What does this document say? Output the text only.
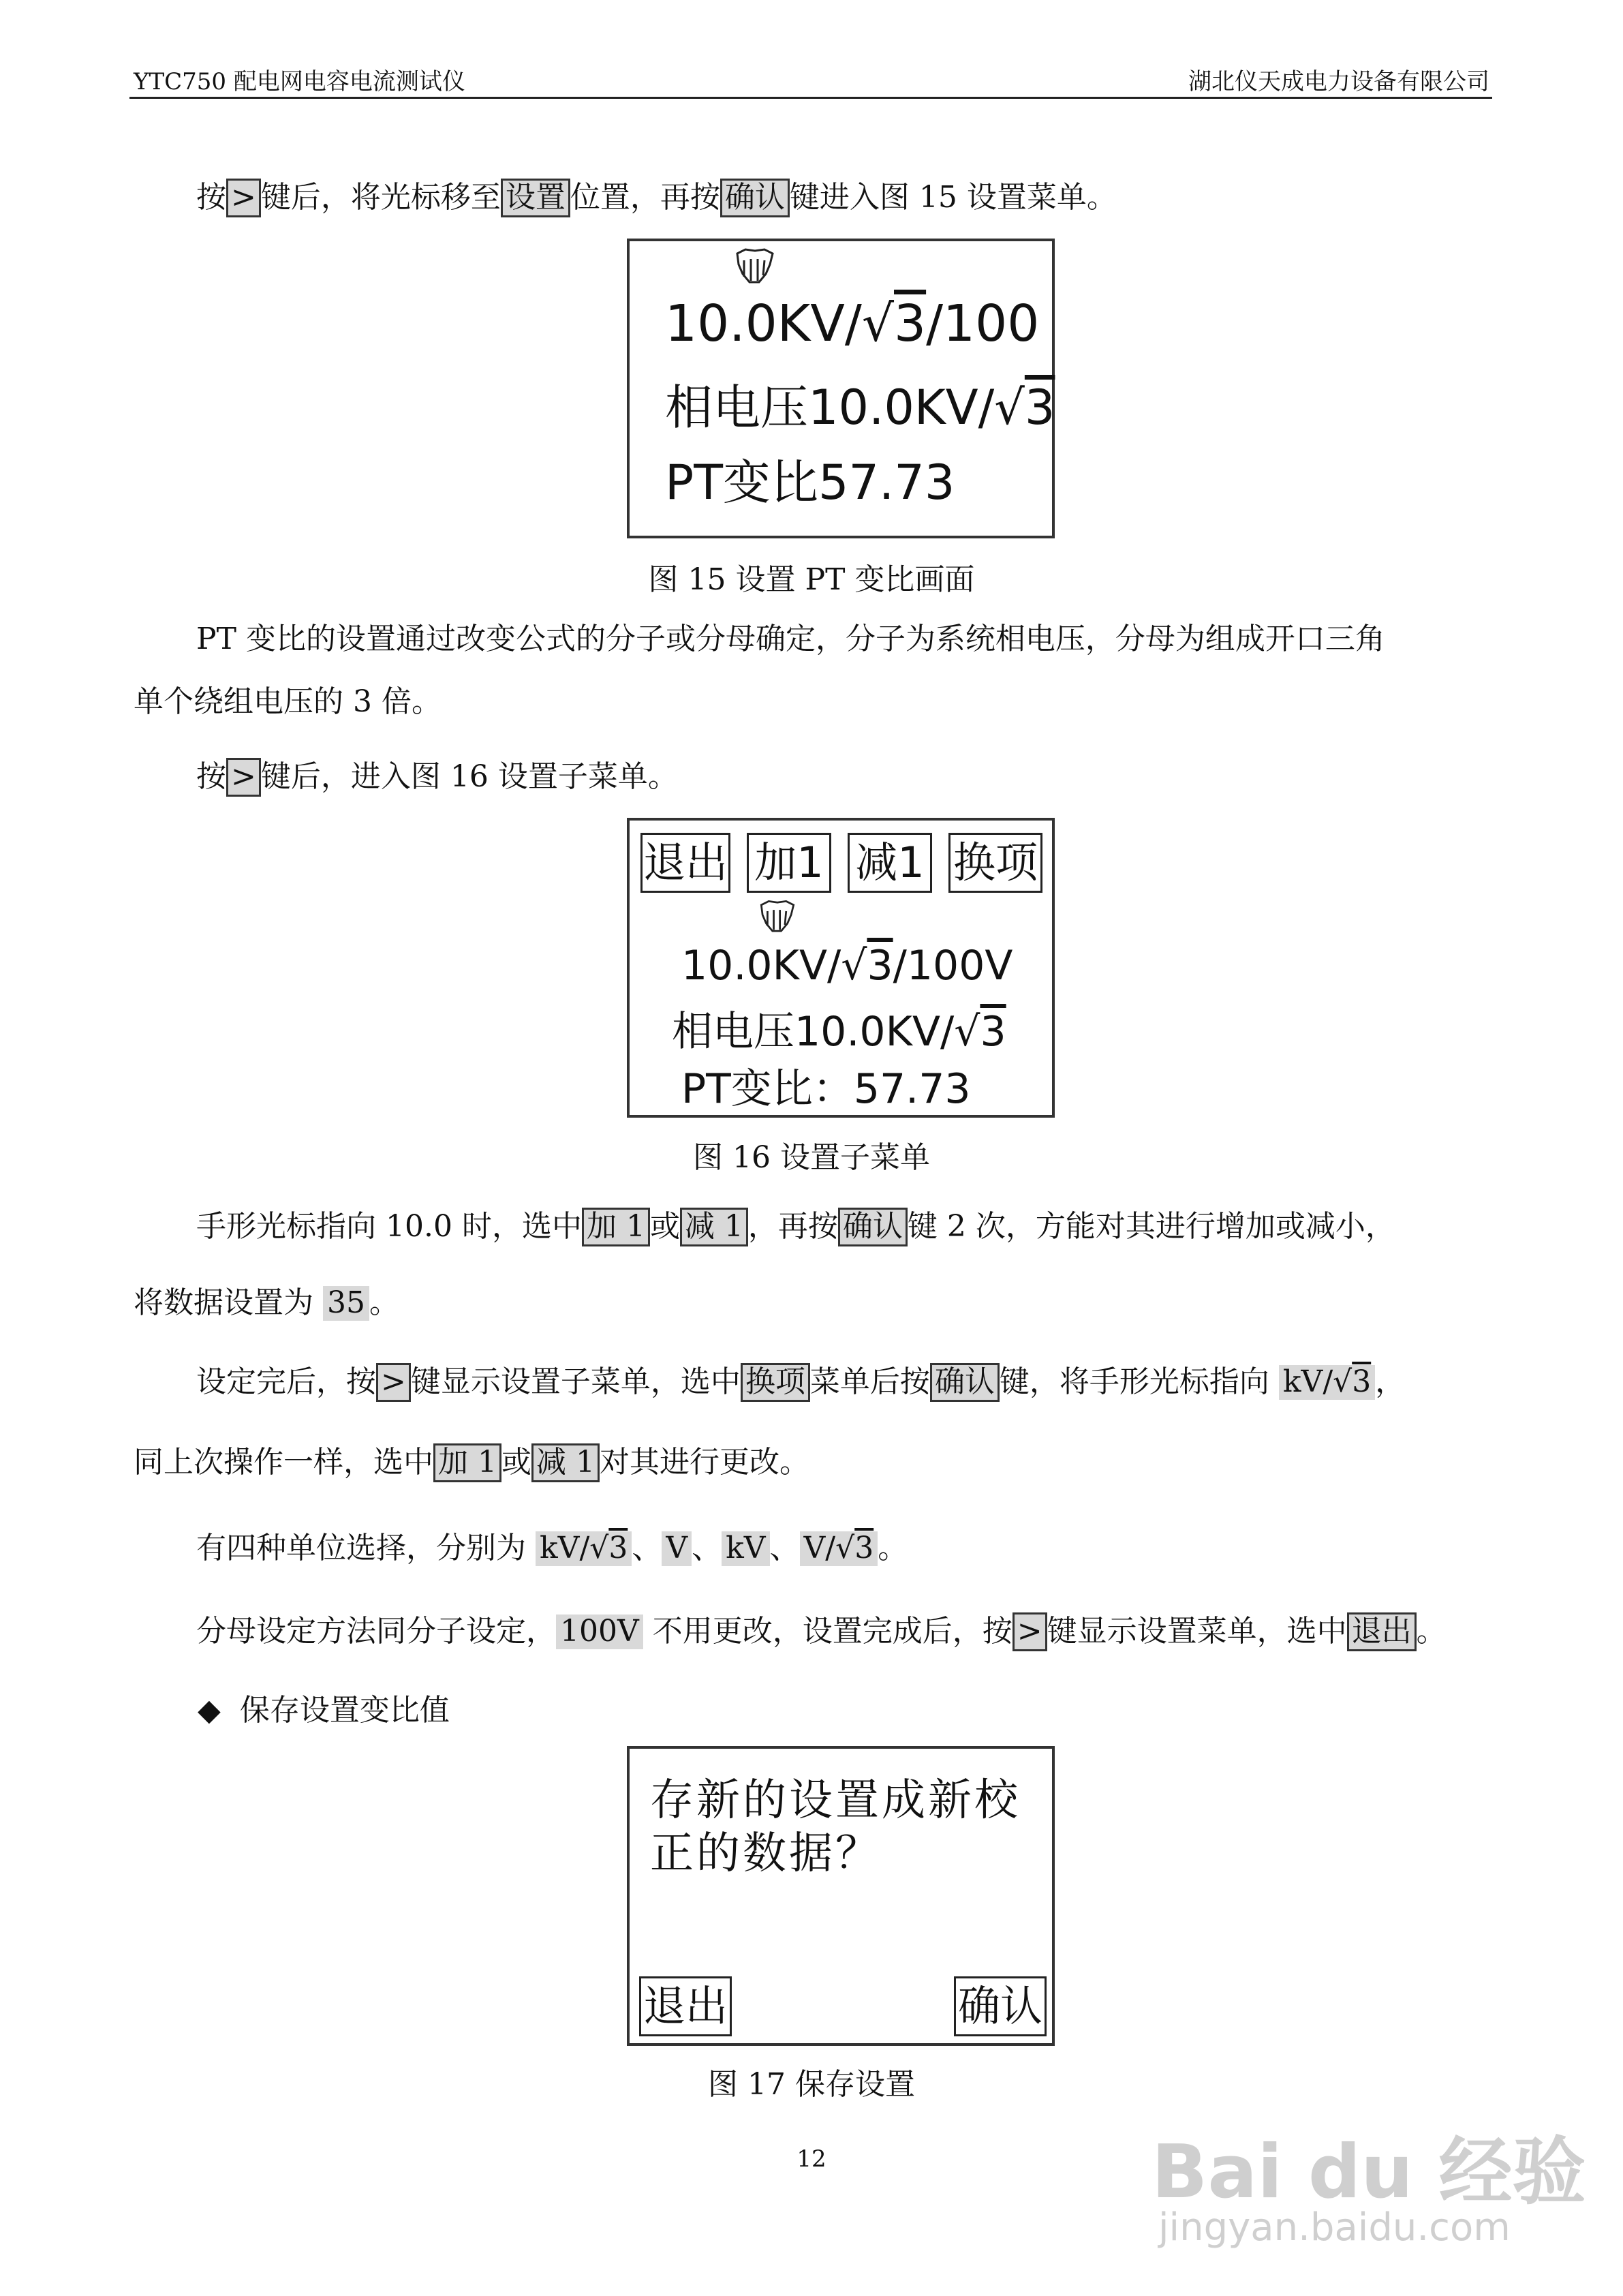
YTC750 配电网电容电流测试仪	湖北仪天成电力设备有限公司
按 > 键后，将光标移至 设置 位置，再按 确认 键进入图 15 设置菜单。
10.0KV/√3/100
相电压10.0KV/√3
PT变比57.73
图 15 设置 PT 变比画面
PT 变比的设置通过改变公式的分子或分母确定，分子为系统相电压，分母为组成开口三角
单个绕组电压的 3 倍。
按 > 键后，进入图 16 设置子菜单。
退出 加1 减1 换项
10.0KV/√3/100V
相电压10.0KV/√3
PT变比：57.73
图 16 设置子菜单
手形光标指向 10.0 时，选中 加 1 或 减 1 ，再按 确认 键 2 次，方能对其进行增加或减小，
将数据设置为 35 。
设定完后，按 > 键显示设置子菜单，选中 换项 菜单后按 确认 键，将手形光标指向 kV/√3 ，
同上次操作一样，选中 加 1 或 减 1 对其进行更改。
有四种单位选择，分别为 kV/√3 、 V 、 kV 、 V/√3 。
分母设定方法同分子设定， 100V 不用更改，设置完成后，按 > 键显示设置菜单，选中 退出 。
◆ 保存设置变比值
存新的设置成新校
正的数据？
退出	确认
图 17 保存设置
12	Bai du 经验
jingyan.baidu.com
